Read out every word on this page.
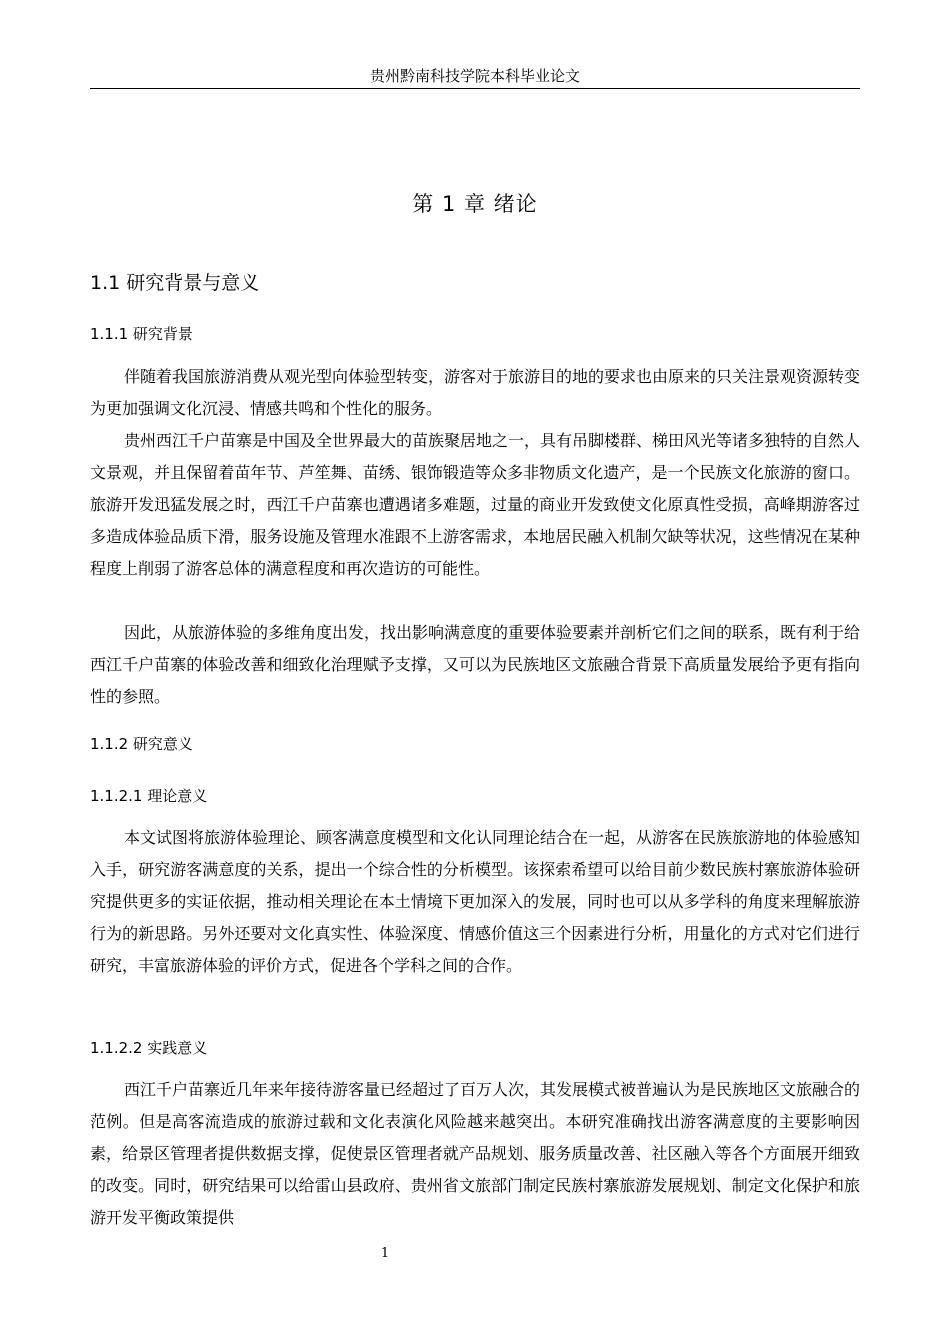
贵州黔南科技学院本科毕业论文
第 1 章 绪论
1.1 研究背景与意义
1.1.1 研究背景

伴随着我国旅游消费从观光型向体验型转变，游客对于旅游目的地的要求也由原来的只关注景观资源转变为更加强调文化沉浸、情感共鸣和个性化的服务。

贵州西江千户苗寨是中国及全世界最大的苗族聚居地之一，具有吊脚楼群、梯田风光等诸多独特的自然人文景观，并且保留着苗年节、芦笙舞、苗绣、银饰锻造等众多非物质文化遗产，是一个民族文化旅游的窗口。旅游开发迅猛发展之时，西江千户苗寨也遭遇诸多难题，过量的商业开发致使文化原真性受损，高峰期游客过多造成体验品质下滑，服务设施及管理水准跟不上游客需求，本地居民融入机制欠缺等状况，这些情况在某种程度上削弱了游客总体的满意程度和再次造访的可能性。

因此，从旅游体验的多维角度出发，找出影响满意度的重要体验要素并剖析它们之间的联系，既有利于给西江千户苗寨的体验改善和细致化治理赋予支撑，又可以为民族地区文旅融合背景下高质量发展给予更有指向性的参照。

1.1.2 研究意义
1.1.2.1 理论意义

本文试图将旅游体验理论、顾客满意度模型和文化认同理论结合在一起，从游客在民族旅游地的体验感知入手，研究游客满意度的关系，提出一个综合性的分析模型。该探索希望可以给目前少数民族村寨旅游体验研究提供更多的实证依据，推动相关理论在本土情境下更加深入的发展，同时也可以从多学科的角度来理解旅游行为的新思路。另外还要对文化真实性、体验深度、情感价值这三个因素进行分析，用量化的方式对它们进行研究，丰富旅游体验的评价方式，促进各个学科之间的合作。

1.1.2.2 实践意义

西江千户苗寨近几年来年接待游客量已经超过了百万人次，其发展模式被普遍认为是民族地区文旅融合的范例。但是高客流造成的旅游过载和文化表演化风险越来越突出。本研究准确找出游客满意度的主要影响因素，给景区管理者提供数据支撑，促使景区管理者就产品规划、服务质量改善、社区融入等各个方面展开细致的改变。同时，研究结果可以给雷山县政府、贵州省文旅部门制定民族村寨旅游发展规划、制定文化保护和旅游开发平衡政策提供

1
